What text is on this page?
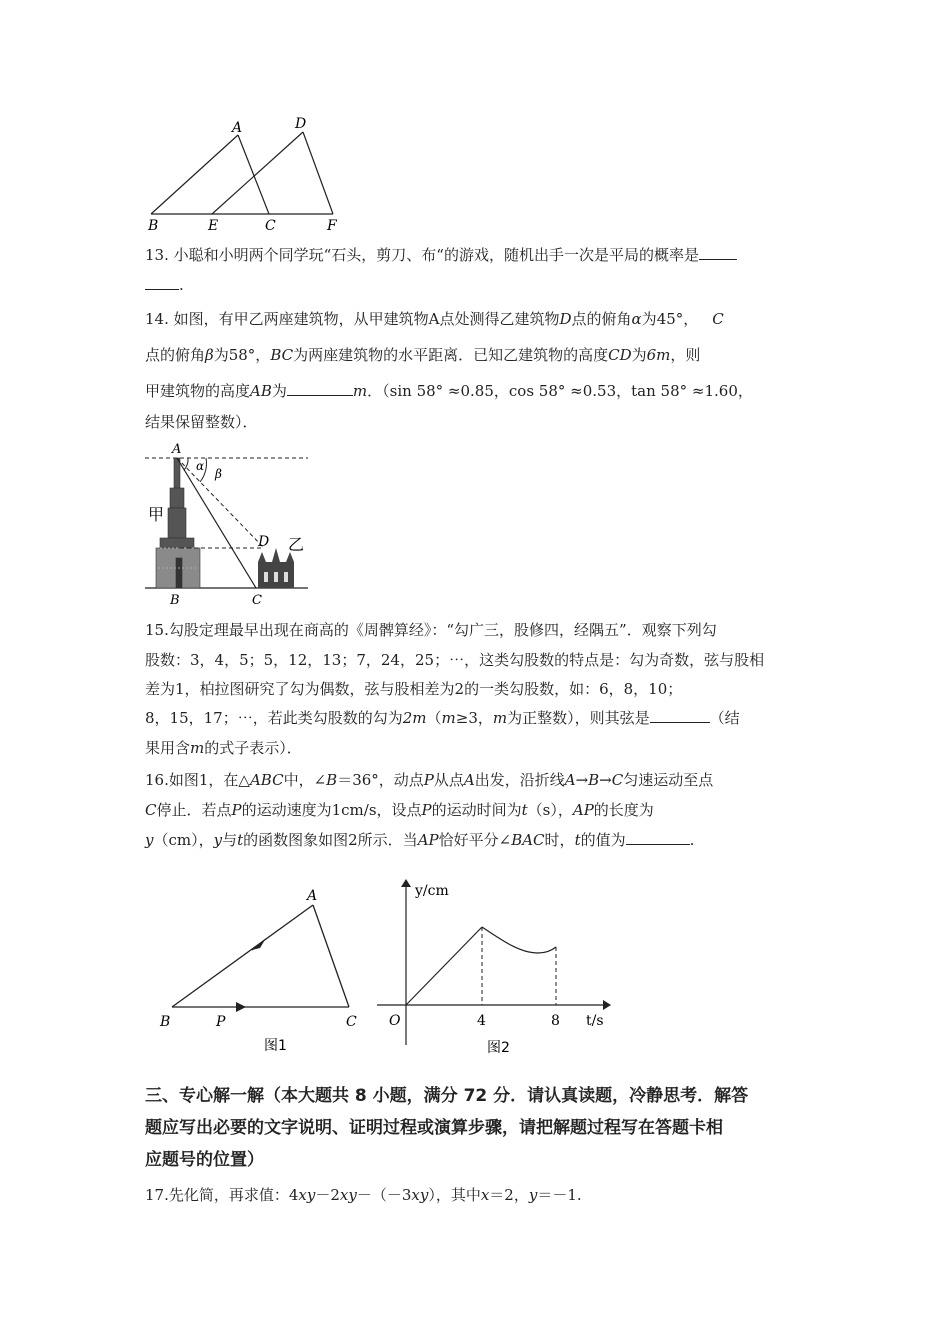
A	D
B	E	C	F
13. 小聪和小明两个同学玩“石头，剪刀、布“的游戏，随机出手一次是平局的概率是
.
14. 如图，有甲乙两座建筑物，从甲建筑物A点处测得乙建筑物D点的俯角α为45°， C
点的俯角β为58°，BC为两座建筑物的水平距离．已知乙建筑物的高度CD为6m，则
甲建筑物的高度AB为	m．（sin 58° ≈0.85，cos 58° ≈0.53，tan 58° ≈1.60，
结果保留整数）．
A
α
β
甲
D 乙
B	C
15.勾股定理最早出现在商高的《周髀算经》：“勾广三，股修四，经隅五”．观察下列勾
股数：3，4，5；5，12，13；7，24，25；⋯，这类勾股数的特点是：勾为奇数，弦与股相
差为1，柏拉图研究了勾为偶数，弦与股相差为2的一类勾股数，如：6，8，10；
8，15，17；⋯，若此类勾股数的勾为2m（m≥3，m为正整数），则其弦是	（结
果用含m的式子表示）．
16.如图1，在△ABC中，∠B＝36°，动点P从点A出发，沿折线A→B→C匀速运动至点
C停止．若点P的运动速度为1cm/s，设点P的运动时间为t（s），AP的长度为
y（cm），y与t的函数图象如图2所示．当AP恰好平分∠BAC时，t的值为	.
A
B	P	C
图1
y/cm
O	4	8 t/s
图2
三、专心解一解（本大题共 8 小题，满分 72 分．请认真读题，冷静思考．解答
题应写出必要的文字说明、证明过程或演算步骤，请把解题过程写在答题卡相
应题号的位置）
17.先化简，再求值：4xy－2xy－（－3xy），其中x＝2，y＝－1.
